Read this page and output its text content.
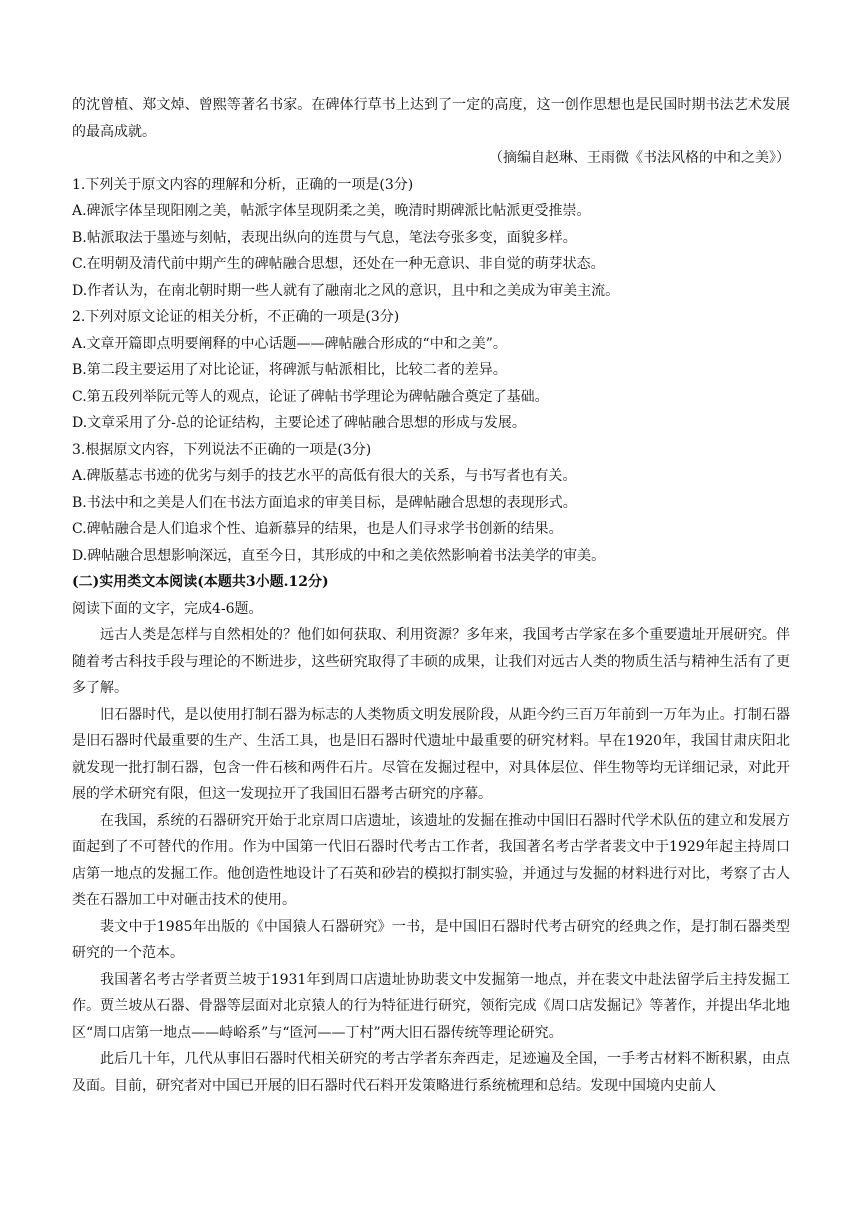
的沈曾植、郑文焯、曾熙等著名书家。在碑体行草书上达到了一定的高度，这一创作思想也是民国时期书法艺术发展的最高成就。

（摘编自赵琳、王雨微《书法风格的中和之美》）

1.下列关于原文内容的理解和分析，正确的一项是(3分)

A.碑派字体呈现阳刚之美，帖派字体呈现阴柔之美，晚清时期碑派比帖派更受推崇。

B.帖派取法于墨迹与刻帖，表现出纵向的连贯与气息，笔法夸张多变，面貌多样。

C.在明朝及清代前中期产生的碑帖融合思想，还处在一种无意识、非自觉的萌芽状态。

D.作者认为，在南北朝时期一些人就有了融南北之风的意识，且中和之美成为审美主流。

2.下列对原文论证的相关分析，不正确的一项是(3分)

A.文章开篇即点明要阐释的中心话题——碑帖融合形成的“中和之美”。

B.第二段主要运用了对比论证，将碑派与帖派相比，比较二者的差异。

C.第五段列举阮元等人的观点，论证了碑帖书学理论为碑帖融合奠定了基础。

D.文章采用了分-总的论证结构，主要论述了碑帖融合思想的形成与发展。

3.根据原文内容，下列说法不正确的一项是(3分)

A.碑版墓志书迹的优劣与刻手的技艺水平的高低有很大的关系，与书写者也有关。

B.书法中和之美是人们在书法方面追求的审美目标，是碑帖融合思想的表现形式。

C.碑帖融合是人们追求个性、追新慕异的结果，也是人们寻求学书创新的结果。

D.碑帖融合思想影响深远，直至今日，其形成的中和之美依然影响着书法美学的审美。

(二)实用类文本阅读(本题共3小题.12分)

阅读下面的文字，完成4-6题。

远古人类是怎样与自然相处的？他们如何获取、利用资源？多年来，我国考古学家在多个重要遗址开展研究。伴随着考古科技手段与理论的不断进步，这些研究取得了丰硕的成果，让我们对远古人类的物质生活与精神生活有了更多了解。

旧石器时代，是以使用打制石器为标志的人类物质文明发展阶段，从距今约三百万年前到一万年为止。打制石器是旧石器时代最重要的生产、生活工具，也是旧石器时代遗址中最重要的研究材料。早在1920年，我国甘肃庆阳北就发现一批打制石器，包含一件石核和两件石片。尽管在发掘过程中，对具体层位、伴生物等均无详细记录，对此开展的学术研究有限，但这一发现拉开了我国旧石器考古研究的序幕。

在我国，系统的石器研究开始于北京周口店遗址，该遗址的发掘在推动中国旧石器时代学术队伍的建立和发展方面起到了不可替代的作用。作为中国第一代旧石器时代考古工作者，我国著名考古学者裴文中于1929年起主持周口店第一地点的发掘工作。他创造性地设计了石英和砂岩的模拟打制实验，并通过与发掘的材料进行对比，考察了古人类在石器加工中对砸击技术的使用。

裴文中于1985年出版的《中国猿人石器研究》一书，是中国旧石器时代考古研究的经典之作，是打制石器类型研究的一个范本。

我国著名考古学者贾兰坡于1931年到周口店遗址协助裴文中发掘第一地点，并在裴文中赴法留学后主持发掘工作。贾兰坡从石器、骨器等层面对北京猿人的行为特征进行研究，领衔完成《周口店发掘记》等著作，并提出华北地区“周口店第一地点——峙峪系”与“匼河——丁村”两大旧石器传统等理论研究。

此后几十年，几代从事旧石器时代相关研究的考古学者东奔西走，足迹遍及全国，一手考古材料不断积累，由点及面。目前，研究者对中国已开展的旧石器时代石料开发策略进行系统梳理和总结。发现中国境内史前人
